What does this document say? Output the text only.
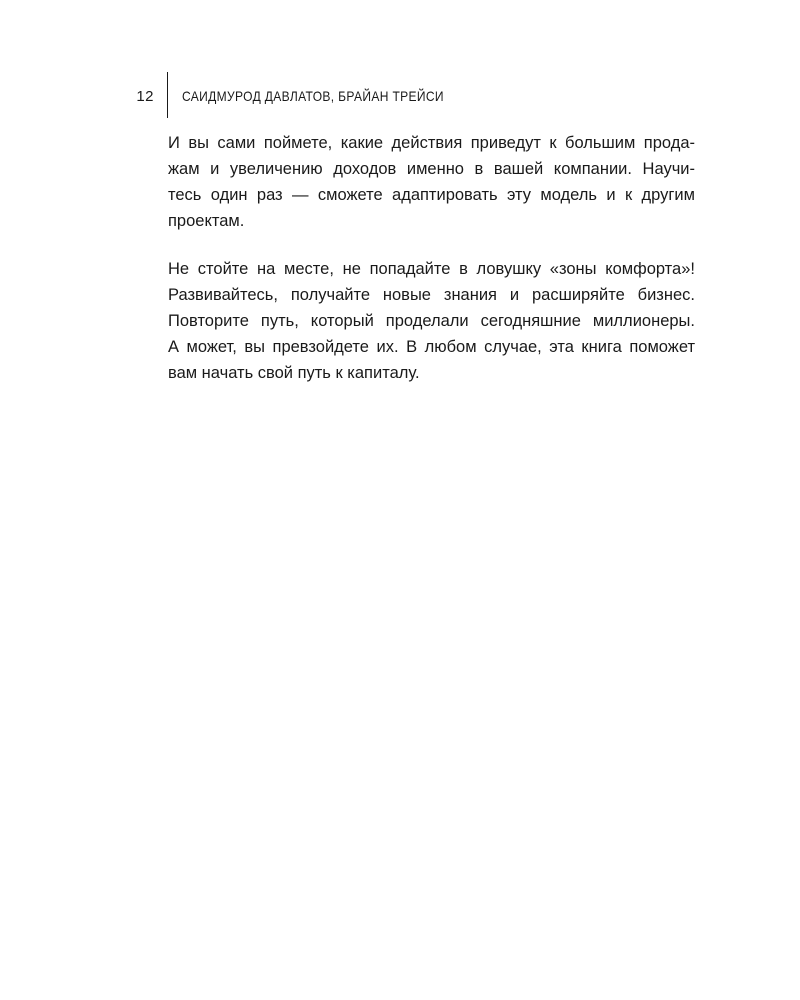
12 САИДМУРОД ДАВЛАТОВ, БРАЙАН ТРЕЙСИ

И вы сами поймете, какие действия приведут к большим прода-
жам и увеличению доходов именно в вашей компании. Научи-
тесь один раз — сможете адаптировать эту модель и к другим
проектам.

Не стойте на месте, не попадайте в ловушку «зоны комфорта»!
Развивайтесь, получайте новые знания и расширяйте бизнес.
Повторите путь, который проделали сегодняшние миллионеры.
А может, вы превзойдете их. В любом случае, эта книга поможет
вам начать свой путь к капиталу.
